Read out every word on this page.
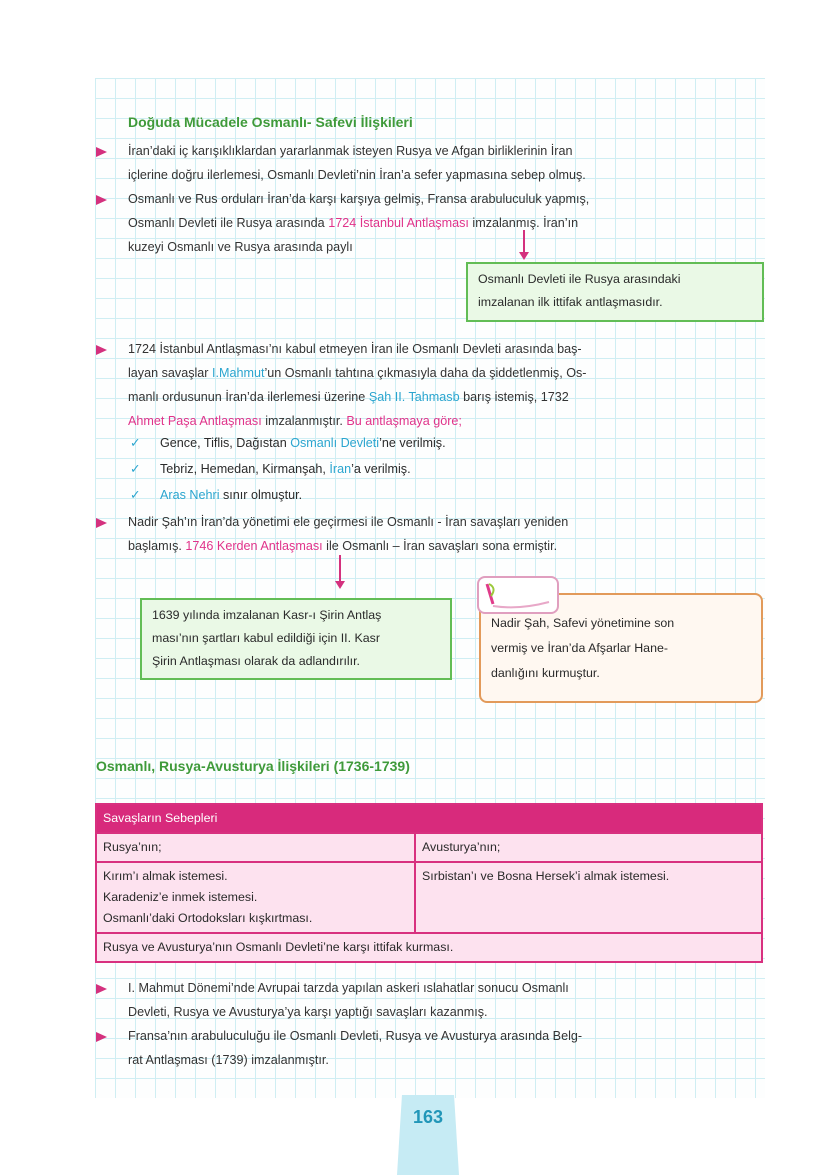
Doğuda Mücadele Osmanlı- Safevi İlişkileri
İran’daki iç karışıklıklardan yararlanmak isteyen Rusya ve Afgan birliklerinin İran
içlerine doğru ilerlemesi, Osmanlı Devleti’nin İran’a sefer yapmasına sebep olmuş.
Osmanlı ve Rus orduları İran’da karşı karşıya gelmiş, Fransa arabuluculuk yapmış,
Osmanlı Devleti ile Rusya arasında 1724 İstanbul Antlaşması imzalanmış. İran’ın
kuzeyi Osmanlı ve Rusya arasında paylı
Osmanlı Devleti ile Rusya arasındaki
imzalanan ilk ittifak antlaşmasıdır.
1724 İstanbul Antlaşması’nı kabul etmeyen İran ile Osmanlı Devleti arasında baş-
layan savaşlar I.Mahmut’un Osmanlı tahtına çıkmasıyla daha da şiddetlenmiş, Os-
manlı ordusunun İran’da ilerlemesi üzerine Şah II. Tahmasb barış istemiş, 1732
Ahmet Paşa Antlaşması imzalanmıştır. Bu antlaşmaya göre;
✓ Gence, Tiflis, Dağıstan Osmanlı Devleti’ne verilmiş.
✓ Tebriz, Hemedan, Kirmanşah, İran’a verilmiş.
✓ Aras Nehri sınır olmuştur.
Nadir Şah’ın İran’da yönetimi ele geçirmesi ile Osmanlı - İran savaşları yeniden
başlamış. 1746 Kerden Antlaşması ile Osmanlı – İran savaşları sona ermiştir.
1639 yılında imzalanan Kasr-ı Şirin Antlaş
ması’nın şartları kabul edildiği için II. Kasr
Şirin Antlaşması olarak da adlandırılır.
Nadir Şah, Safevi yönetimine son
vermiş ve İran’da Afşarlar Hane-
danlığını kurmuştur.
Osmanlı, Rusya-Avusturya İlişkileri (1736-1739)
Savaşların Sebepleri	
Rusya’nın;	Avusturya’nın;

Kırım’ı almak istemesi.
Karadeniz’e inmek istemesi.
Osmanlı’daki Ortodoksları kışkırtması.	Sırbistan’ı ve Bosna Hersek’i almak istemesi.

Rusya ve Avusturya’nın Osmanlı Devleti’ne karşı ittifak kurması.	
I. Mahmut Dönemi’nde Avrupai tarzda yapılan askeri ıslahatlar sonucu Osmanlı
Devleti, Rusya ve Avusturya’ya karşı yaptığı savaşları kazanmış.
Fransa’nın arabuluculuğu ile Osmanlı Devleti, Rusya ve Avusturya arasında Belg-
rat Antlaşması (1739) imzalanmıştır.
163
